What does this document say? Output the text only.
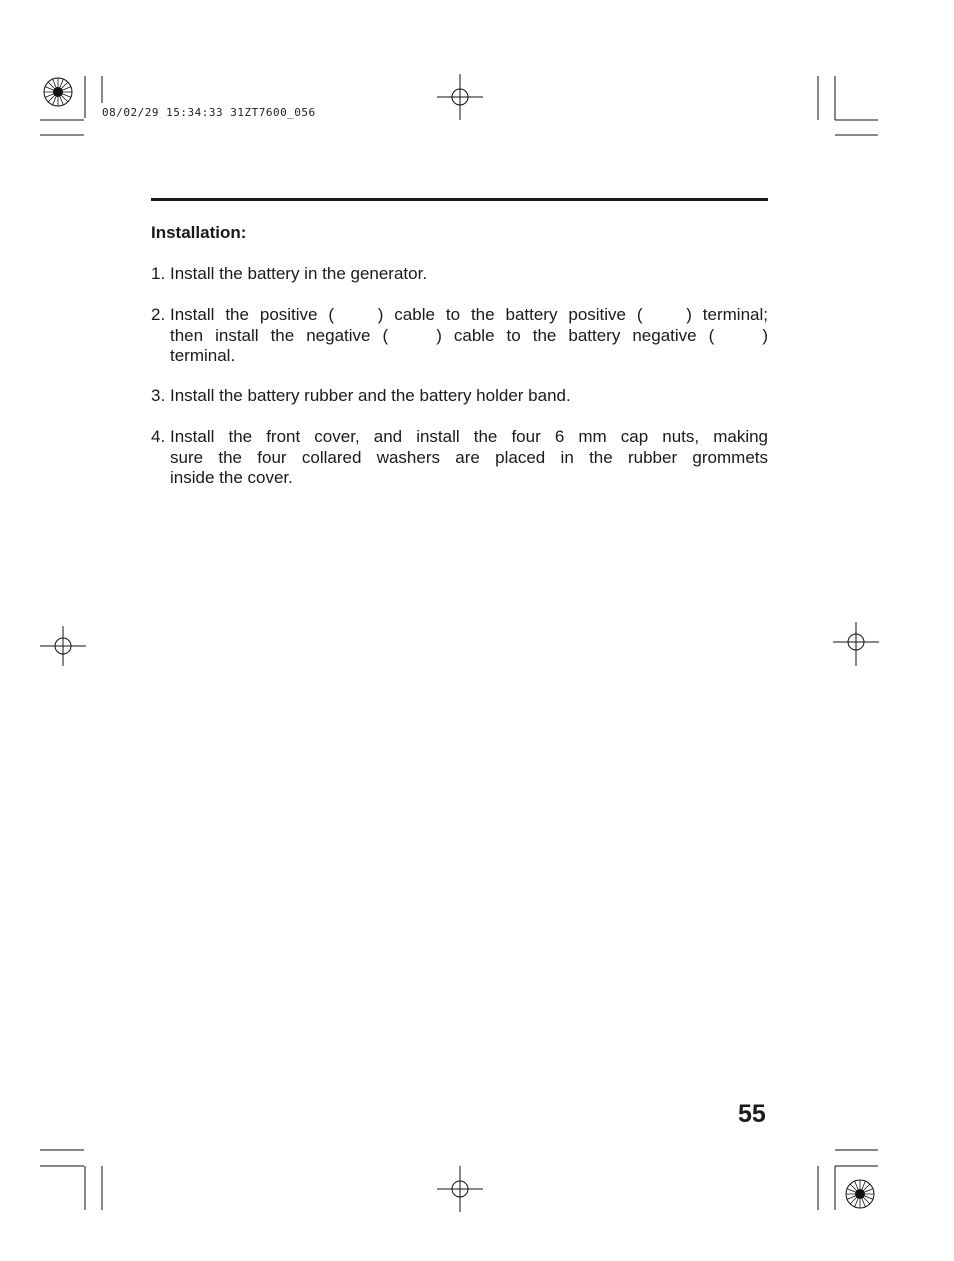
08/02/29 15:34:33 31ZT7600_056
Installation:
1. Install the battery in the generator.
2. Install the positive (    ) cable to the battery positive (    ) terminal;
then install the negative (    ) cable to the battery negative (    )
terminal.
3. Install the battery rubber and the battery holder band.
4. Install the front cover, and install the four 6 mm cap nuts, making
sure the four collared washers are placed in the rubber grommets
inside the cover.
55
